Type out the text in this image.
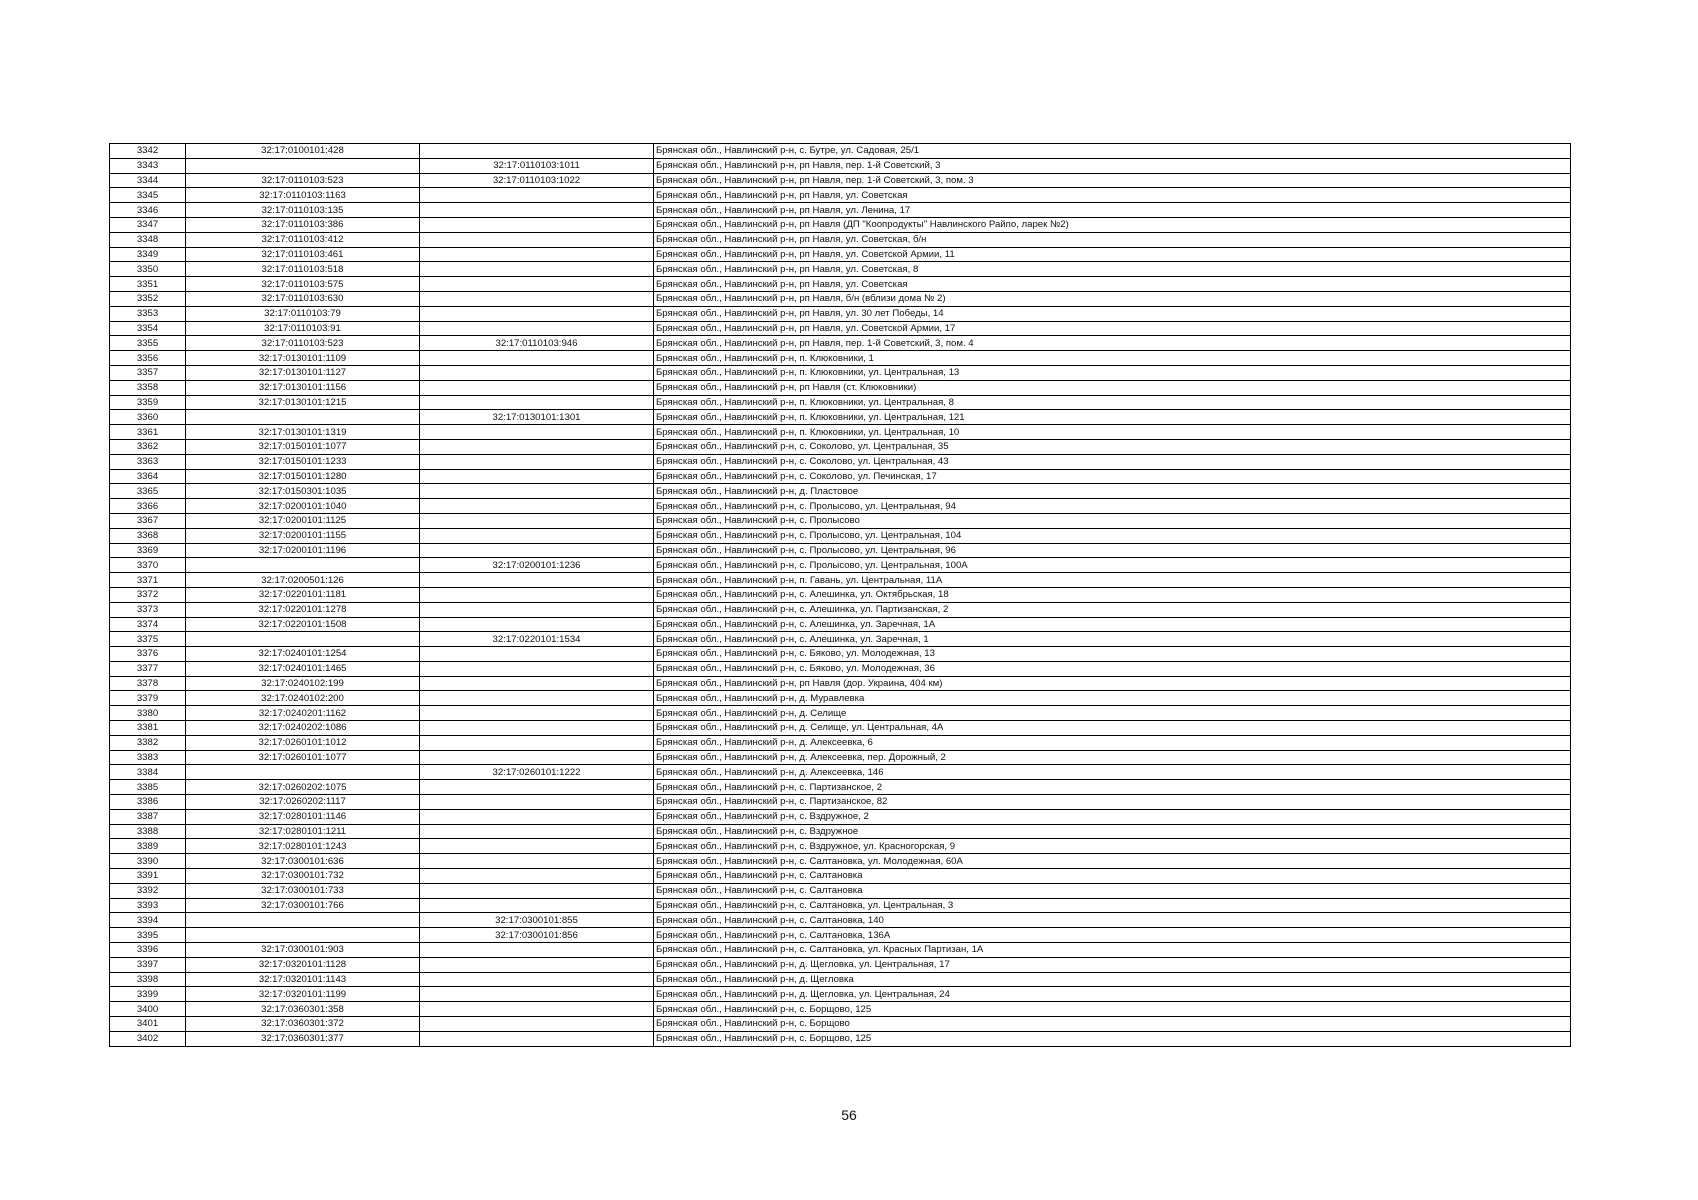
3342	32:17:0100101:428		Брянская обл., Навлинский р-н, с. Бутре, ул. Садовая, 25/1
3343		32:17:0110103:1011	Брянская обл., Навлинский р-н, рп Навля, пер. 1-й Советский, 3
3344	32:17:0110103:523	32:17:0110103:1022	Брянская обл., Навлинский р-н, рп Навля, пер. 1-й Советский, 3, пом. 3
3345	32:17:0110103:1163		Брянская обл., Навлинский р-н, рп Навля, ул. Советская
3346	32:17:0110103:135		Брянская обл., Навлинский р-н, рп Навля, ул. Ленина, 17
3347	32:17:0110103:386		Брянская обл., Навлинский р-н, рп Навля (ДП "Коопродукты" Навлинского Райпо, ларек №2)
3348	32:17:0110103:412		Брянская обл., Навлинский р-н, рп Навля, ул. Советская, б/н
3349	32:17:0110103:461		Брянская обл., Навлинский р-н, рп Навля, ул. Советской Армии, 11
3350	32:17:0110103:518		Брянская обл., Навлинский р-н, рп Навля, ул. Советская, 8
3351	32:17:0110103:575		Брянская обл., Навлинский р-н, рп Навля, ул. Советская
3352	32:17:0110103:630		Брянская обл., Навлинский р-н, рп Навля, б/н (вблизи дома № 2)
3353	32:17:0110103:79		Брянская обл., Навлинский р-н, рп Навля, ул. 30 лет Победы, 14
3354	32:17:0110103:91		Брянская обл., Навлинский р-н, рп Навля, ул. Советской Армии, 17
3355	32:17:0110103:523	32:17:0110103:946	Брянская обл., Навлинский р-н, рп Навля, пер. 1-й Советский, 3, пом. 4
3356	32:17:0130101:1109		Брянская обл., Навлинский р-н, п. Клюковники, 1
3357	32:17:0130101:1127		Брянская обл., Навлинский р-н, п. Клюковники, ул. Центральная, 13
3358	32:17:0130101:1156		Брянская обл., Навлинский р-н, рп Навля (ст. Клюковники)
3359	32:17:0130101:1215		Брянская обл., Навлинский р-н, п. Клюковники, ул. Центральная, 8
3360		32:17:0130101:1301	Брянская обл., Навлинский р-н, п. Клюковники, ул. Центральная, 121
3361	32:17:0130101:1319		Брянская обл., Навлинский р-н, п. Клюковники, ул. Центральная, 10
3362	32:17:0150101:1077		Брянская обл., Навлинский р-н, с. Соколово, ул. Центральная, 35
3363	32:17:0150101:1233		Брянская обл., Навлинский р-н, с. Соколово, ул. Центральная, 43
3364	32:17:0150101:1280		Брянская обл., Навлинский р-н, с. Соколово, ул. Печинская, 17
3365	32:17:0150301:1035		Брянская обл., Навлинский р-н, д. Пластовое
3366	32:17:0200101:1040		Брянская обл., Навлинский р-н, с. Пролысово, ул. Центральная, 94
3367	32:17:0200101:1125		Брянская обл., Навлинский р-н, с. Пролысово
3368	32:17:0200101:1155		Брянская обл., Навлинский р-н, с. Пролысово, ул. Центральная, 104
3369	32:17:0200101:1196		Брянская обл., Навлинский р-н, с. Пролысово, ул. Центральная, 96
3370		32:17:0200101:1236	Брянская обл., Навлинский р-н, с. Пролысово, ул. Центральная, 100А
3371	32:17:0200501:126		Брянская обл., Навлинский р-н, п. Гавань, ул. Центральная, 11А
3372	32:17:0220101:1181		Брянская обл., Навлинский р-н, с. Алешинка, ул. Октябрьская, 18
3373	32:17:0220101:1278		Брянская обл., Навлинский р-н, с. Алешинка, ул. Партизанская, 2
3374	32:17:0220101:1508		Брянская обл., Навлинский р-н, с. Алешинка, ул. Заречная, 1А
3375		32:17:0220101:1534	Брянская обл., Навлинский р-н, с. Алешинка, ул. Заречная, 1
3376	32:17:0240101:1254		Брянская обл., Навлинский р-н, с. Бяково, ул. Молодежная, 13
3377	32:17:0240101:1465		Брянская обл., Навлинский р-н, с. Бяково, ул. Молодежная, 36
3378	32:17:0240102:199		Брянская обл., Навлинский р-н, рп Навля (дор. Украина, 404 км)
3379	32:17:0240102:200		Брянская обл., Навлинский р-н, д. Муравлевка
3380	32:17:0240201:1162		Брянская обл., Навлинский р-н, д. Селище
3381	32:17:0240202:1086		Брянская обл., Навлинский р-н, д. Селище, ул. Центральная, 4А
3382	32:17:0260101:1012		Брянская обл., Навлинский р-н, д. Алексеевка, 6
3383	32:17:0260101:1077		Брянская обл., Навлинский р-н, д. Алексеевка, пер. Дорожный, 2
3384		32:17:0260101:1222	Брянская обл., Навлинский р-н, д. Алексеевка, 146
3385	32:17:0260202:1075		Брянская обл., Навлинский р-н, с. Партизанское, 2
3386	32:17:0260202:1117		Брянская обл., Навлинский р-н, с. Партизанское, 82
3387	32:17:0280101:1146		Брянская обл., Навлинский р-н, с. Вздружное, 2
3388	32:17:0280101:1211		Брянская обл., Навлинский р-н, с. Вздружное
3389	32:17:0280101:1243		Брянская обл., Навлинский р-н, с. Вздружное, ул. Красногорская, 9
3390	32:17:0300101:636		Брянская обл., Навлинский р-н, с. Салтановка, ул. Молодежная, 60А
3391	32:17:0300101:732		Брянская обл., Навлинский р-н, с. Салтановка
3392	32:17:0300101:733		Брянская обл., Навлинский р-н, с. Салтановка
3393	32:17:0300101:766		Брянская обл., Навлинский р-н, с. Салтановка, ул. Центральная, 3
3394		32:17:0300101:855	Брянская обл., Навлинский р-н, с. Салтановка, 140
3395		32:17:0300101:856	Брянская обл., Навлинский р-н, с. Салтановка, 136А
3396	32:17:0300101:903		Брянская обл., Навлинский р-н, с. Салтановка, ул. Красных Партизан, 1А
3397	32:17:0320101:1128		Брянская обл., Навлинский р-н, д. Щегловка, ул. Центральная, 17
3398	32:17:0320101:1143		Брянская обл., Навлинский р-н, д. Щегловка
3399	32:17:0320101:1199		Брянская обл., Навлинский р-н, д. Щегловка, ул. Центральная, 24
3400	32:17:0360301:358		Брянская обл., Навлинский р-н, с. Борщово, 125
3401	32:17:0360301:372		Брянская обл., Навлинский р-н, с. Борщово
3402	32:17:0360301:377		Брянская обл., Навлинский р-н, с. Борщово, 125
56
